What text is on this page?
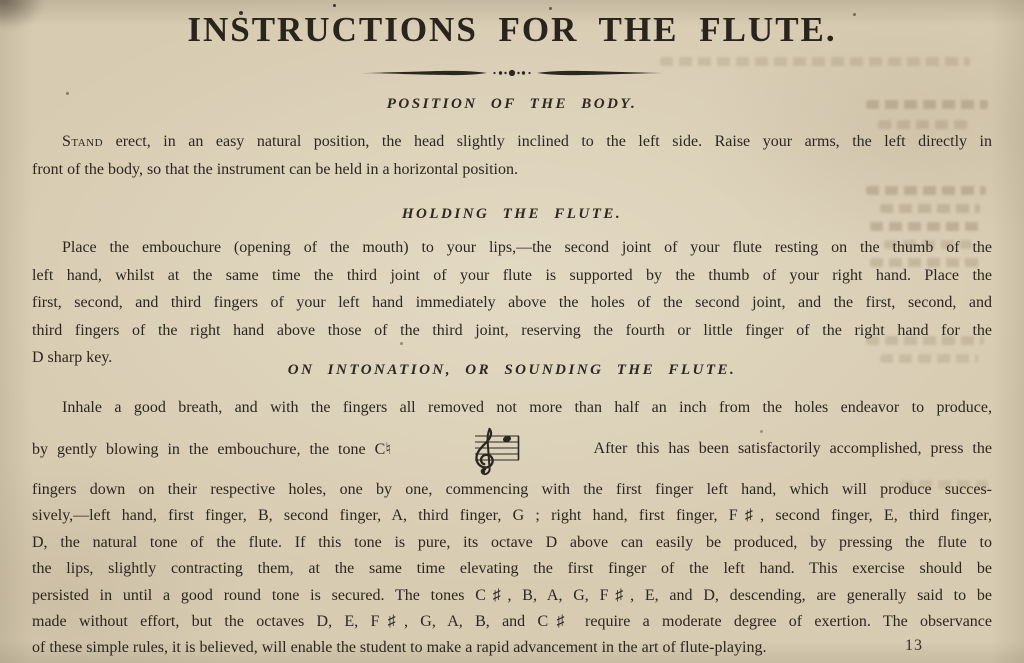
INSTRUCTIONS FOR THE FLUTE.
POSITION OF THE BODY.
Stand erect, in an easy natural position, the head slightly inclined to the left side. Raise your arms, the left directly in
front of the body, so that the instrument can be held in a horizontal position.
HOLDING THE FLUTE.
Place the embouchure (opening of the mouth) to your lips,—the second joint of your flute resting on the thumb of the
left hand, whilst at the same time the third joint of your flute is supported by the thumb of your right hand. Place the
first, second, and third fingers of your left hand immediately above the holes of the second joint, and the first, second, and
third fingers of the right hand above those of the third joint, reserving the fourth or little finger of the right hand for the
D sharp key.
ON INTONATION, OR SOUNDING THE FLUTE.
Inhale a good breath, and with the fingers all removed not more than half an inch from the holes endeavor to produce,
by gently blowing in the embouchure, the tone C♮	After this has been satisfactorily accomplished, press the
fingers down on their respective holes, one by one, commencing with the first finger left hand, which will produce succes-
sively,—left hand, first finger, B, second finger, A, third finger, G ; right hand, first finger, F♯, second finger, E, third finger,
D, the natural tone of the flute. If this tone is pure, its octave D above can easily be produced, by pressing the flute to
the lips, slightly contracting them, at the same time elevating the first finger of the left hand. This exercise should be
persisted in until a good round tone is secured. The tones C♯, B, A, G, F♯, E, and D, descending, are generally said to be
made without effort, but the octaves D, E, F♯, G, A, B, and C♯ require a moderate degree of exertion. The observance
of these simple rules, it is believed, will enable the student to make a rapid advancement in the art of flute-playing.	13
